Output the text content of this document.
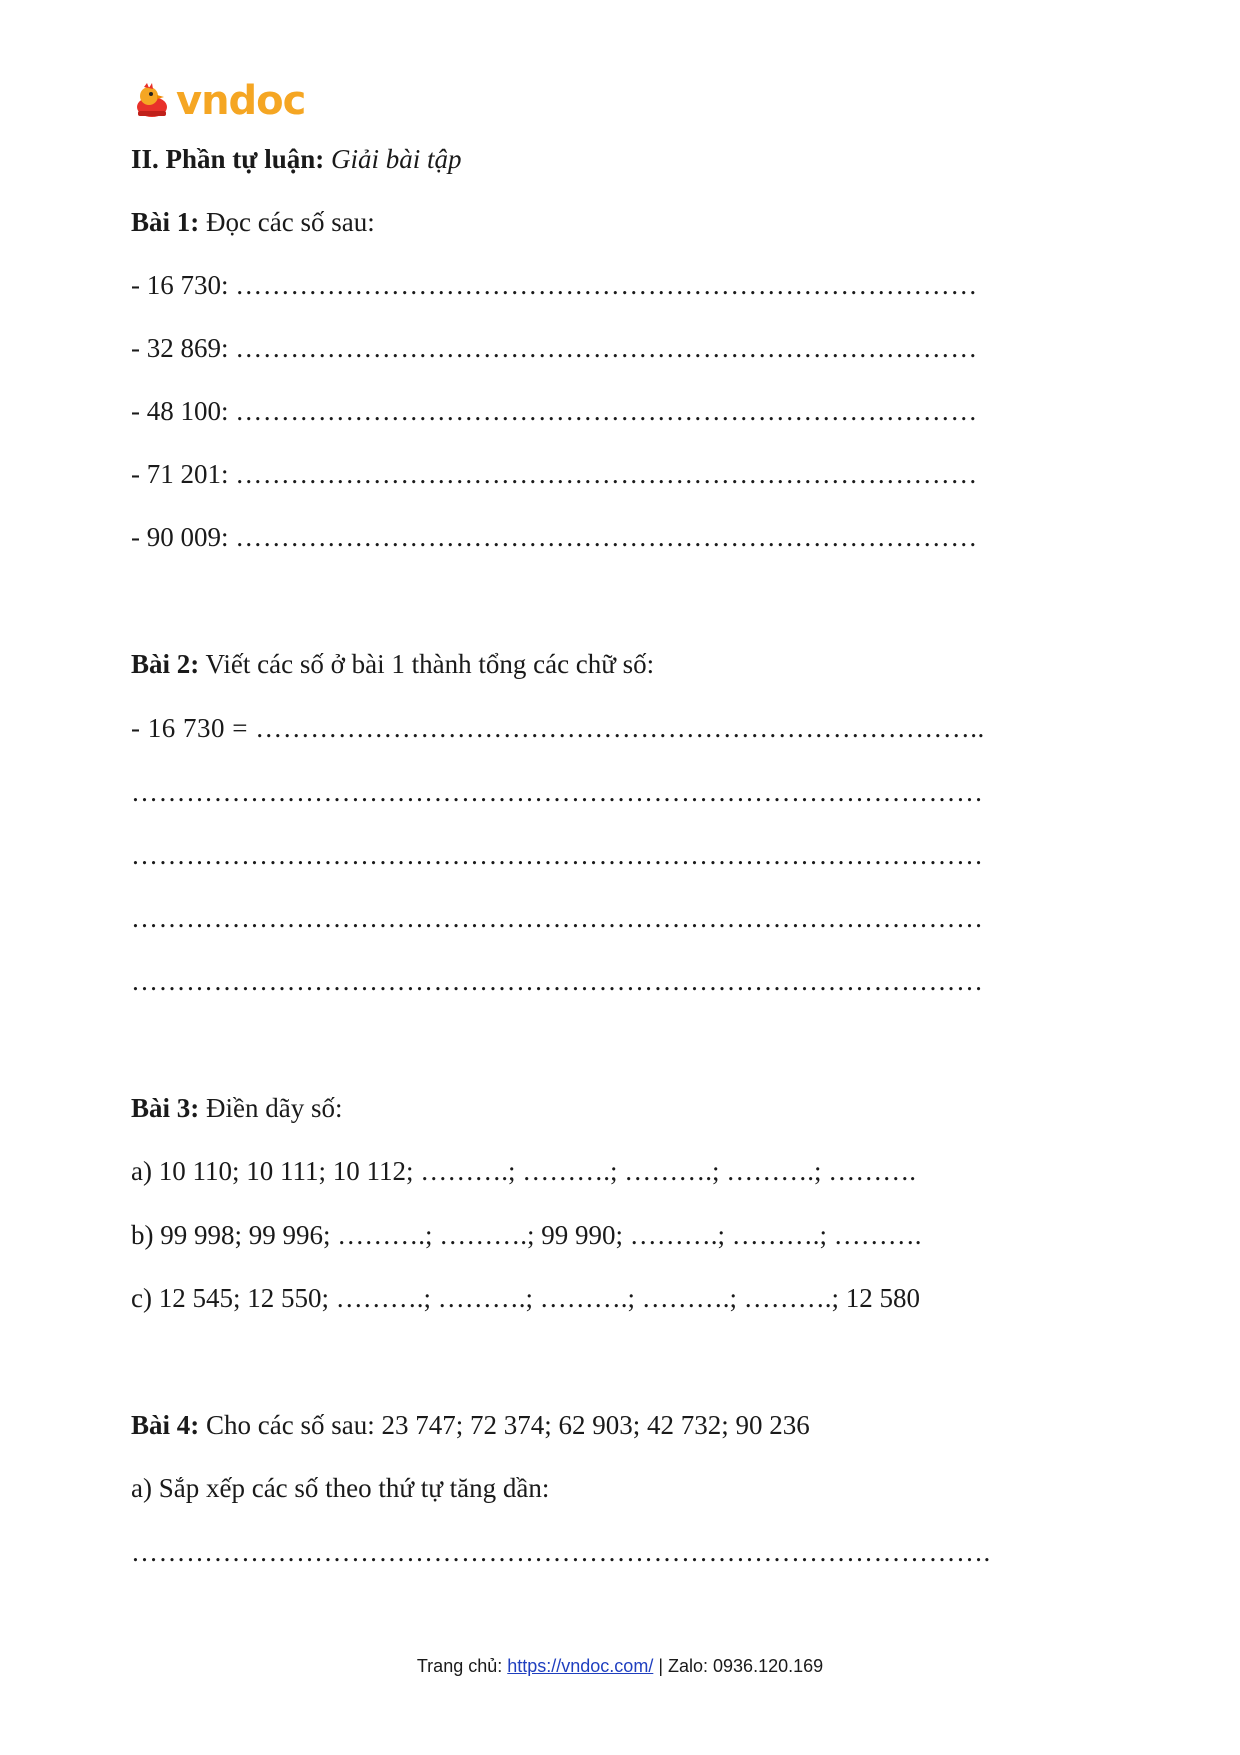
vndoc
II. Phần tự luận: Giải bài tập
Bài 1: Đọc các số sau:
- 16 730: ………………………………………………………………………
- 32 869: ………………………………………………………………………
- 48 100: ………………………………………………………………………
- 71 201: ………………………………………………………………………
- 90 009: ………………………………………………………………………
Bài 2: Viết các số ở bài 1 thành tổng các chữ số:
- 16 730 = ……………………………………………………………………..
…………………………………………………………………………………
…………………………………………………………………………………
…………………………………………………………………………………
…………………………………………………………………………………
Bài 3: Điền dãy số:
a) 10 110; 10 111; 10 112; ……….; ……….; ……….; ……….; ……….
b) 99 998; 99 996; ……….; ……….; 99 990; ……….; ……….; ……….
c) 12 545; 12 550; ……….; ……….; ……….; ……….; ……….; 12 580
Bài 4: Cho các số sau: 23 747; 72 374; 62 903; 42 732; 90 236
a) Sắp xếp các số theo thứ tự tăng dần:
………………………………………………………………………………….
Trang chủ: https://vndoc.com/ | Zalo: 0936.120.169
